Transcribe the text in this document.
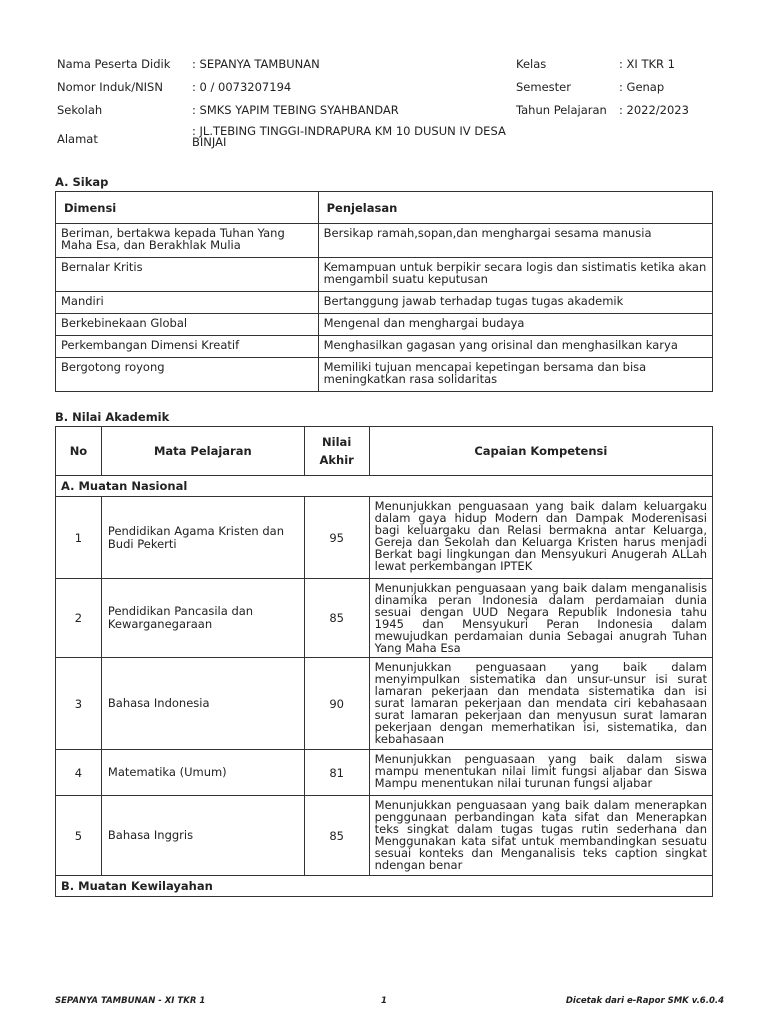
Nama Peserta Didik	: SEPANYA TAMBUNAN	Kelas	: XI TKR 1
Nomor Induk/NISN	: 0 / 0073207194	Semester	: Genap
Sekolah	: SMKS YAPIM TEBING SYAHBANDAR	Tahun Pelajaran	: 2022/2023
Alamat
: JL.TEBING TINGGI-INDRAPURA KM 10 DUSUN IV DESA BINJAI
A. Sikap
Dimensi	Penjelasan
Beriman, bertakwa kepada Tuhan Yang Maha Esa, dan Berakhlak Mulia	Bersikap ramah,sopan,dan menghargai sesama manusia
Bernalar Kritis	Kemampuan untuk berpikir secara logis dan sistimatis ketika akan mengambil suatu keputusan
Mandiri	Bertanggung jawab terhadap tugas tugas akademik
Berkebinekaan Global	Mengenal dan menghargai budaya
Perkembangan Dimensi Kreatif	Menghasilkan gagasan yang orisinal dan menghasilkan karya
Bergotong royong	Memiliki tujuan mencapai kepetingan bersama dan bisa meningkatkan rasa solidaritas
B. Nilai Akademik
No	Mata Pelajaran	Nilai Akhir	Capaian Kompetensi
A. Muatan Nasional			
1	Pendidikan Agama Kristen dan Budi Pekerti	95	Menunjukkan penguasaan yang baik dalam keluargaku dalam gaya hidup Modern dan Dampak Moderenisasi bagi keluargaku dan Relasi bermakna antar Keluarga, Gereja dan Sekolah dan Keluarga Kristen harus menjadi Berkat bagi lingkungan dan Mensyukuri Anugerah ALLah lewat perkembangan IPTEK
2	Pendidikan Pancasila dan Kewarganegaraan	85	Menunjukkan penguasaan yang baik dalam menganalisis dinamika peran Indonesia dalam perdamaian dunia sesuai dengan UUD Negara Republik Indonesia tahu 1945 dan Mensyukuri Peran Indonesia dalam mewujudkan perdamaian dunia Sebagai anugrah Tuhan Yang Maha Esa
3	Bahasa Indonesia	90	Menunjukkan penguasaan yang baik dalam menyimpulkan sistematika dan unsur-unsur isi surat lamaran pekerjaan dan mendata sistematika dan isi surat lamaran pekerjaan dan mendata ciri kebahasaan surat lamaran pekerjaan dan menyusun surat lamaran pekerjaan dengan memerhatikan isi, sistematika, dan kebahasaan
4	Matematika (Umum)	81	Menunjukkan penguasaan yang baik dalam siswa mampu menentukan nilai limit fungsi aljabar dan Siswa Mampu menentukan nilai turunan fungsi aljabar
5	Bahasa Inggris	85	Menunjukkan penguasaan yang baik dalam menerapkan penggunaan perbandingan kata sifat dan Menerapkan teks singkat dalam tugas tugas rutin sederhana dan Menggunakan kata sifat untuk membandingkan sesuatu sesuai konteks dan Menganalisis teks caption singkat ndengan benar
B. Muatan Kewilayahan			
SEPANYA TAMBUNAN - XI TKR 1	1	Dicetak dari e-Rapor SMK v.6.0.4
